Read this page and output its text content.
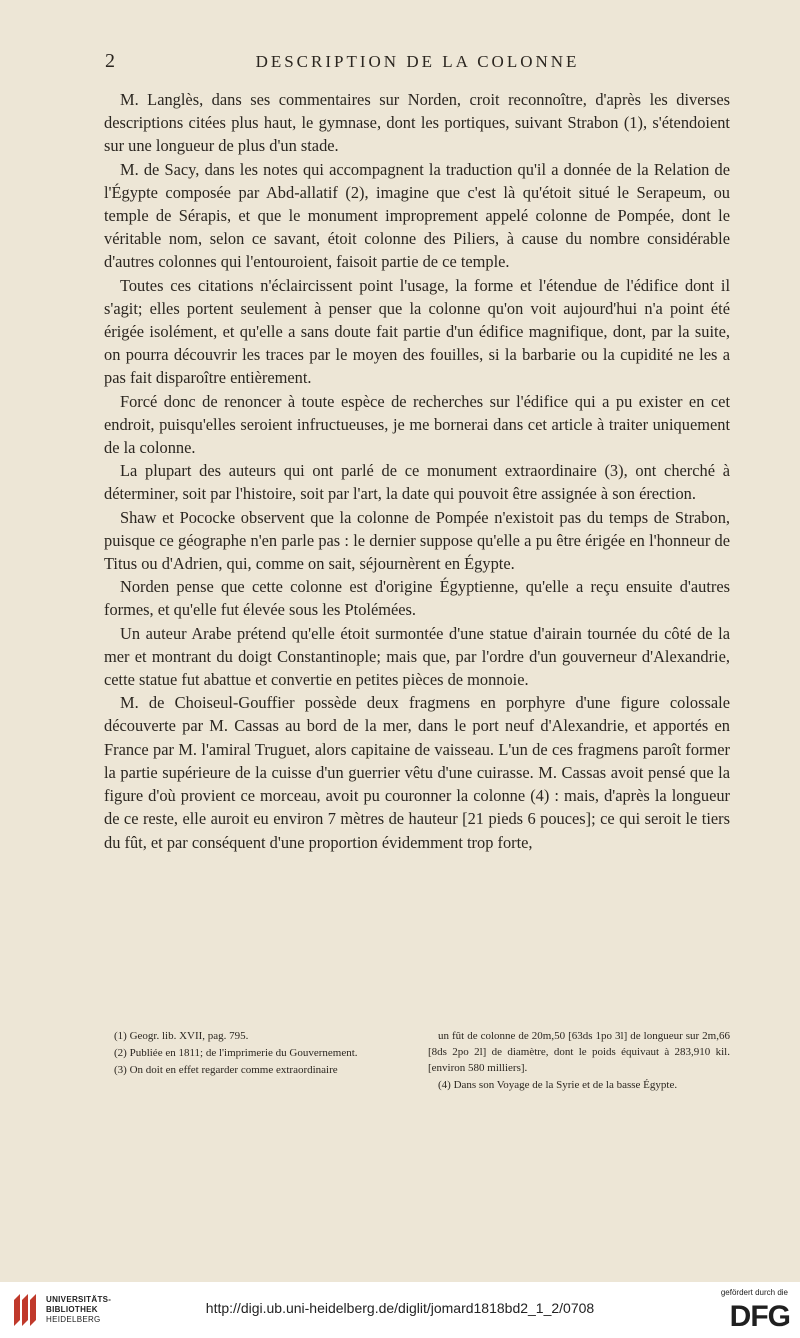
2	DESCRIPTION DE LA COLONNE

M. Langlès, dans ses commentaires sur Norden, croit reconnoître, d'après les diverses descriptions citées plus haut, le gymnase, dont les portiques, suivant Strabon (1), s'étendoient sur une longueur de plus d'un stade.

M. de Sacy, dans les notes qui accompagnent la traduction qu'il a donnée de la Relation de l'Égypte composée par Abd-allatif (2), imagine que c'est là qu'étoit situé le Serapeum, ou temple de Sérapis, et que le monument improprement appelé colonne de Pompée, dont le véritable nom, selon ce savant, étoit colonne des Piliers, à cause du nombre considérable d'autres colonnes qui l'entouroient, faisoit partie de ce temple.

Toutes ces citations n'éclaircissent point l'usage, la forme et l'étendue de l'édifice dont il s'agit; elles portent seulement à penser que la colonne qu'on voit aujourd'hui n'a point été érigée isolément, et qu'elle a sans doute fait partie d'un édifice magnifique, dont, par la suite, on pourra découvrir les traces par le moyen des fouilles, si la barbarie ou la cupidité ne les a pas fait disparoître entièrement.

Forcé donc de renoncer à toute espèce de recherches sur l'édifice qui a pu exister en cet endroit, puisqu'elles seroient infructueuses, je me bornerai dans cet article à traiter uniquement de la colonne.

La plupart des auteurs qui ont parlé de ce monument extraordinaire (3), ont cherché à déterminer, soit par l'histoire, soit par l'art, la date qui pouvoit être assignée à son érection.

Shaw et Pococke observent que la colonne de Pompée n'existoit pas du temps de Strabon, puisque ce géographe n'en parle pas : le dernier suppose qu'elle a pu être érigée en l'honneur de Titus ou d'Adrien, qui, comme on sait, séjournèrent en Égypte.

Norden pense que cette colonne est d'origine Égyptienne, qu'elle a reçu ensuite d'autres formes, et qu'elle fut élevée sous les Ptolémées.

Un auteur Arabe prétend qu'elle étoit surmontée d'une statue d'airain tournée du côté de la mer et montrant du doigt Constantinople; mais que, par l'ordre d'un gouverneur d'Alexandrie, cette statue fut abattue et convertie en petites pièces de monnoie.

M. de Choiseul-Gouffier possède deux fragmens en porphyre d'une figure colossale découverte par M. Cassas au bord de la mer, dans le port neuf d'Alexandrie, et apportés en France par M. l'amiral Truguet, alors capitaine de vaisseau. L'un de ces fragmens paroît former la partie supérieure de la cuisse d'un guerrier vêtu d'une cuirasse. M. Cassas avoit pensé que la figure d'où provient ce morceau, avoit pu couronner la colonne (4) : mais, d'après la longueur de ce reste, elle auroit eu environ 7 mètres de hauteur [21 pieds 6 pouces]; ce qui seroit le tiers du fût, et par conséquent d'une proportion évidemment trop forte,

(1) Geogr. lib. XVII, pag. 795.

(2) Publiée en 1811; de l'imprimerie du Gouvernement.

(3) On doit en effet regarder comme extraordinaire

un fût de colonne de 20m,50 [63ds 1po 3l] de longueur sur 2m,66 [8ds 2po 2l] de diamètre, dont le poids équivaut à 283,910 kil. [environ 580 milliers].

(4) Dans son Voyage de la Syrie et de la basse Égypte.

UNIVERSITÄTS-
BIBLIOTHEK
HEIDELBERG
http://digi.ub.uni-heidelberg.de/diglit/jomard1818bd2_1_2/0708
gefördert durch die
DFG
